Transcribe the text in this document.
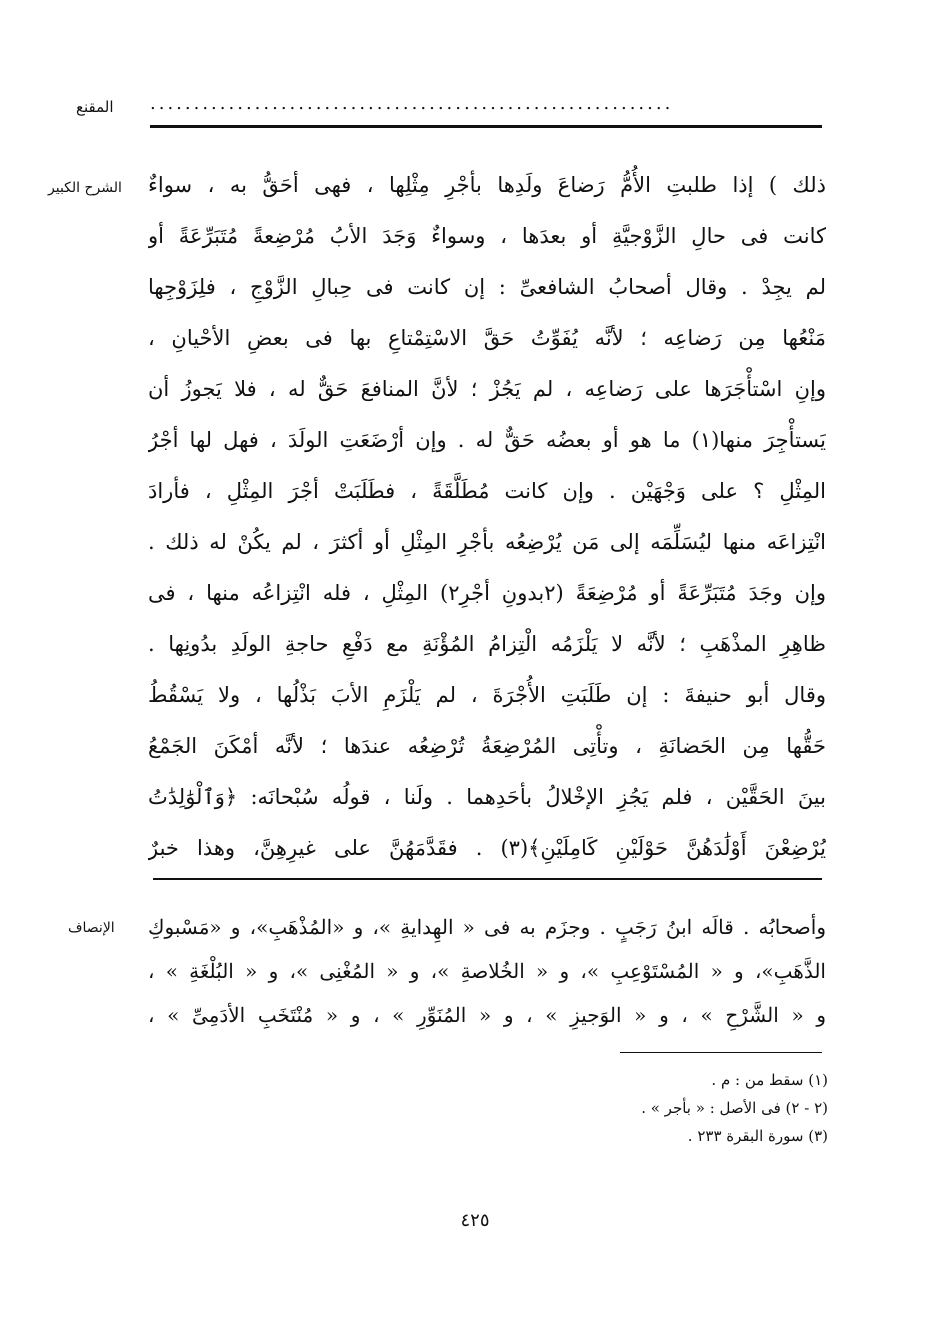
المقنع ............................................................
الشرح الكبير ذلك ) إذا طلبتِ الأُمُّ رَضاعَ ولَدِها بأجْرِ مِثْلِها ، فهى أحَقُّ به ، سواءٌ
كانت فى حالِ الزَّوْجيَّةِ أو بعدَها ، وسواءٌ وَجَدَ الأبُ مُرْضِعةً مُتَبَرِّعَةً أو
لم يجِدْ . وقال أصحابُ الشافعىِّ : إن كانت فى حِبالِ الزَّوْجِ ، فلِزَوْجِها
مَنْعُها مِن رَضاعِه ؛ لأنَّه يُفَوِّتُ حَقَّ الاسْتِمْتاعِ بها فى بعضِ الأحْيانِ ،
وإنِ اسْتأْجَرَها على رَضاعِه ، لم يَجُزْ ؛ لأنَّ المنافعَ حَقٌّ له ، فلا يَجوزُ أن
يَستأْجِرَ منها(١) ما هو أو بعضُه حَقٌّ له . وإن أرْضَعَتِ الولَدَ ، فهل لها أجْرُ
المِثْلِ ؟ على وَجْهَيْن . وإن كانت مُطَلَّقَةً ، فطَلَبَتْ أجْرَ المِثْلِ ، فأرادَ
انْتِزاعَه منها ليُسَلِّمَه إلى مَن يُرْضِعُه بأجْرِ المِثْلِ أو أكثرَ ، لم يكُنْ له ذلك .
وإن وجَدَ مُتَبَرِّعَةً أو مُرْضِعَةً (٢بدونِ أجْرِ٢) المِثْلِ ، فله انْتِزاعُه منها ، فى
ظاهِرِ المذْهَبِ ؛ لأنَّه لا يَلْزَمُه الْتِزامُ المُؤْنَةِ مع دَفْعِ حاجةِ الولَدِ بدُونِها .
وقال أبو حنيفةَ : إن طَلَبَتِ الأُجْرَةَ ، لم يَلْزَمِ الأبَ بَذْلُها ، ولا يَسْقُطُ
حَقُّها مِن الحَضانَةِ ، وتأْتِى المُرْضِعَةُ تُرْضِعُه عندَها ؛ لأنَّه أمْكَنَ الجَمْعُ
بينَ الحَقَّيْن ، فلم يَجُزِ الإخْلالُ بأحَدِهما . ولَنا ، قولُه سُبْحانَه: ﴿وَٱلْوَٰلِدَٰتُ
يُرْضِعْنَ أَوْلَٰدَهُنَّ حَوْلَيْنِ كَامِلَيْنِ﴾(٣) . فقَدَّمَهُنَّ على غيرِهِنَّ، وهذا خبرٌ
الإنصاف وأصحابُه . قالَه ابنُ رَجَبٍ . وجزَم به فى « الهِدايةِ »، و «المُذْهَبِ»، و «مَسْبوكِ
الذَّهَبِ»، و « المُسْتَوْعِبِ »، و « الخُلاصةِ »، و « المُغْنِى »، و « البُلْغَةِ » ،
و « الشَّرْحِ » ، و « الوَجيزِ » ، و « المُنَوِّرِ » ، و « مُنْتَخَبِ الأدَمِىِّ » ،
(١) سقط من : م .
(٢ - ٢) فى الأصل : « بأجر » .
(٣) سورة البقرة ٢٣٣ .
٤٢٥
